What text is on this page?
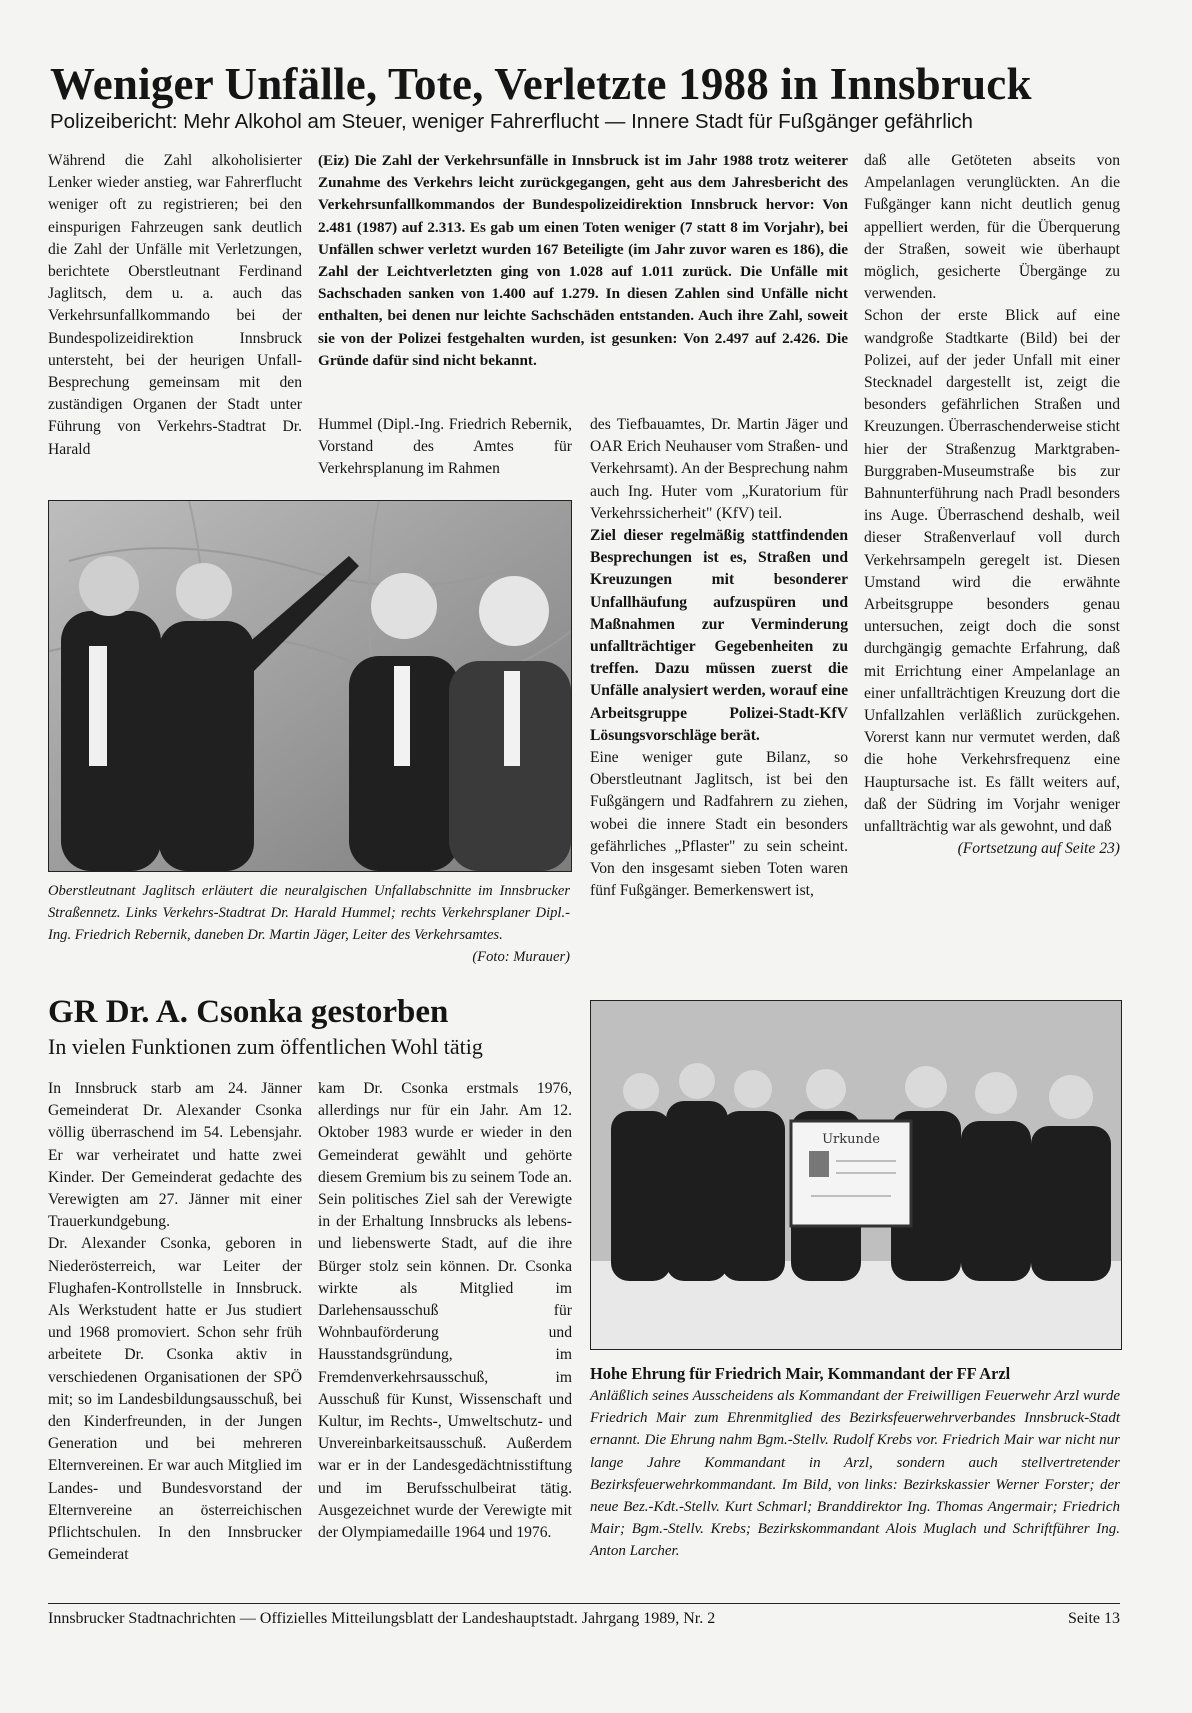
Weniger Unfälle, Tote, Verletzte 1988 in Innsbruck
Polizeibericht: Mehr Alkohol am Steuer, weniger Fahrerflucht — Innere Stadt für Fußgänger gefährlich

Während die Zahl alkoholisierter Lenker wieder anstieg, war Fahrerflucht weniger oft zu registrieren; bei den einspurigen Fahrzeugen sank deutlich die Zahl der Unfälle mit Verletzungen, berichtete Oberstleutnant Ferdinand Jaglitsch, dem u. a. auch das Verkehrsunfallkommando bei der Bundespolizeidirektion Innsbruck untersteht, bei der heurigen Unfall-Besprechung gemeinsam mit den zuständigen Organen der Stadt unter Führung von Verkehrs-Stadtrat Dr. Harald

(Eiz) Die Zahl der Verkehrsunfälle in Innsbruck ist im Jahr 1988 trotz weiterer Zunahme des Verkehrs leicht zurückgegangen, geht aus dem Jahresbericht des Verkehrsunfallkommandos der Bundespolizeidirektion Innsbruck hervor: Von 2.481 (1987) auf 2.313. Es gab um einen Toten weniger (7 statt 8 im Vorjahr), bei Unfällen schwer verletzt wurden 167 Beteiligte (im Jahr zuvor waren es 186), die Zahl der Leichtverletzten ging von 1.028 auf 1.011 zurück. Die Unfälle mit Sachschaden sanken von 1.400 auf 1.279. In diesen Zahlen sind Unfälle nicht enthalten, bei denen nur leichte Sachschäden entstanden. Auch ihre Zahl, soweit sie von der Polizei festgehalten wurden, ist gesunken: Von 2.497 auf 2.426. Die Gründe dafür sind nicht bekannt.
Hummel (Dipl.-Ing. Friedrich Rebernik, Vorstand des Amtes für Verkehrsplanung im Rahmen

des Tiefbauamtes, Dr. Martin Jäger und OAR Erich Neuhauser vom Straßen- und Verkehrsamt). An der Besprechung nahm auch Ing. Huter vom „Kuratorium für Verkehrssicherheit" (KfV) teil.

Ziel dieser regelmäßig stattfindenden Besprechungen ist es, Straßen und Kreuzungen mit besonderer Unfallhäufung aufzuspüren und Maßnahmen zur Verminderung unfallträchtiger Gegebenheiten zu treffen. Dazu müssen zuerst die Unfälle analysiert werden, worauf eine Arbeitsgruppe Polizei-Stadt-KfV Lösungsvorschläge berät.

Eine weniger gute Bilanz, so Oberstleutnant Jaglitsch, ist bei den Fußgängern und Radfahrern zu ziehen, wobei die innere Stadt ein besonders gefährliches „Pflaster" zu sein scheint. Von den insgesamt sieben Toten waren fünf Fußgänger. Bemerkenswert ist,

daß alle Getöteten abseits von Ampelanlagen verunglückten. An die Fußgänger kann nicht deutlich genug appelliert werden, für die Überquerung der Straßen, soweit wie überhaupt möglich, gesicherte Übergänge zu verwenden.

Schon der erste Blick auf eine wandgroße Stadtkarte (Bild) bei der Polizei, auf der jeder Unfall mit einer Stecknadel dargestellt ist, zeigt die besonders gefährlichen Straßen und Kreuzungen. Überraschenderweise sticht hier der Straßenzug Marktgraben-Burggraben-Museumstraße bis zur Bahnunterführung nach Pradl besonders ins Auge. Überraschend deshalb, weil dieser Straßenverlauf voll durch Verkehrsampeln geregelt ist. Diesen Umstand wird die erwähnte Arbeitsgruppe besonders genau untersuchen, zeigt doch die sonst durchgängig gemachte Erfahrung, daß mit Errichtung einer Ampelanlage an einer unfallträchtigen Kreuzung dort die Unfallzahlen verläßlich zurückgehen. Vorerst kann nur vermutet werden, daß die hohe Verkehrsfrequenz eine Hauptursache ist. Es fällt weiters auf, daß der Südring im Vorjahr weniger unfallträchtig war als gewohnt, und daß

(Fortsetzung auf Seite 23)

Oberstleutnant Jaglitsch erläutert die neuralgischen Unfallabschnitte im Innsbrucker Straßennetz. Links Verkehrs-Stadtrat Dr. Harald Hummel; rechts Verkehrsplaner Dipl.-Ing. Friedrich Rebernik, daneben Dr. Martin Jäger, Leiter des Verkehrsamtes.
(Foto: Murauer)
GR Dr. A. Csonka gestorben
In vielen Funktionen zum öffentlichen Wohl tätig

In Innsbruck starb am 24. Jänner Gemeinderat Dr. Alexander Csonka völlig überraschend im 54. Lebensjahr. Er war verheiratet und hatte zwei Kinder. Der Gemeinderat gedachte des Verewigten am 27. Jänner mit einer Trauerkundgebung.

Dr. Alexander Csonka, geboren in Niederösterreich, war Leiter der Flughafen-Kontrollstelle in Innsbruck. Als Werkstudent hatte er Jus studiert und 1968 promoviert. Schon sehr früh arbeitete Dr. Csonka aktiv in verschiedenen Organisationen der SPÖ mit; so im Landesbildungsausschuß, bei den Kinderfreunden, in der Jungen Generation und bei mehreren Elternvereinen. Er war auch Mitglied im Landes- und Bundesvorstand der Elternvereine an österreichischen Pflichtschulen. In den Innsbrucker Gemeinderat

kam Dr. Csonka erstmals 1976, allerdings nur für ein Jahr. Am 12. Oktober 1983 wurde er wieder in den Gemeinderat gewählt und gehörte diesem Gremium bis zu seinem Tode an. Sein politisches Ziel sah der Verewigte in der Erhaltung Innsbrucks als lebens- und liebenswerte Stadt, auf die ihre Bürger stolz sein können. Dr. Csonka wirkte als Mitglied im Darlehensausschuß für Wohnbauförderung und Hausstandsgründung, im Fremdenverkehrsausschuß, im Ausschuß für Kunst, Wissenschaft und Kultur, im Rechts-, Umweltschutz- und Unvereinbarkeitsausschuß. Außerdem war er in der Landesgedächtnisstiftung und im Berufsschulbeirat tätig. Ausgezeichnet wurde der Verewigte mit der Olympiamedaille 1964 und 1976.
Urkunde
Hohe Ehrung für Friedrich Mair, Kommandant der FF Arzl
Anläßlich seines Ausscheidens als Kommandant der Freiwilligen Feuerwehr Arzl wurde Friedrich Mair zum Ehrenmitglied des Bezirksfeuerwehrverbandes Innsbruck-Stadt ernannt. Die Ehrung nahm Bgm.-Stellv. Rudolf Krebs vor. Friedrich Mair war nicht nur lange Jahre Kommandant in Arzl, sondern auch stellvertretender Bezirksfeuerwehrkommandant. Im Bild, von links: Bezirkskassier Werner Forster; der neue Bez.-Kdt.-Stellv. Kurt Schmarl; Branddirektor Ing. Thomas Angermair; Friedrich Mair; Bgm.-Stellv. Krebs; Bezirkskommandant Alois Muglach und Schriftführer Ing. Anton Larcher.
Innsbrucker Stadtnachrichten — Offizielles Mitteilungsblatt der Landeshauptstadt. Jahrgang 1989, Nr. 2	Seite 13
